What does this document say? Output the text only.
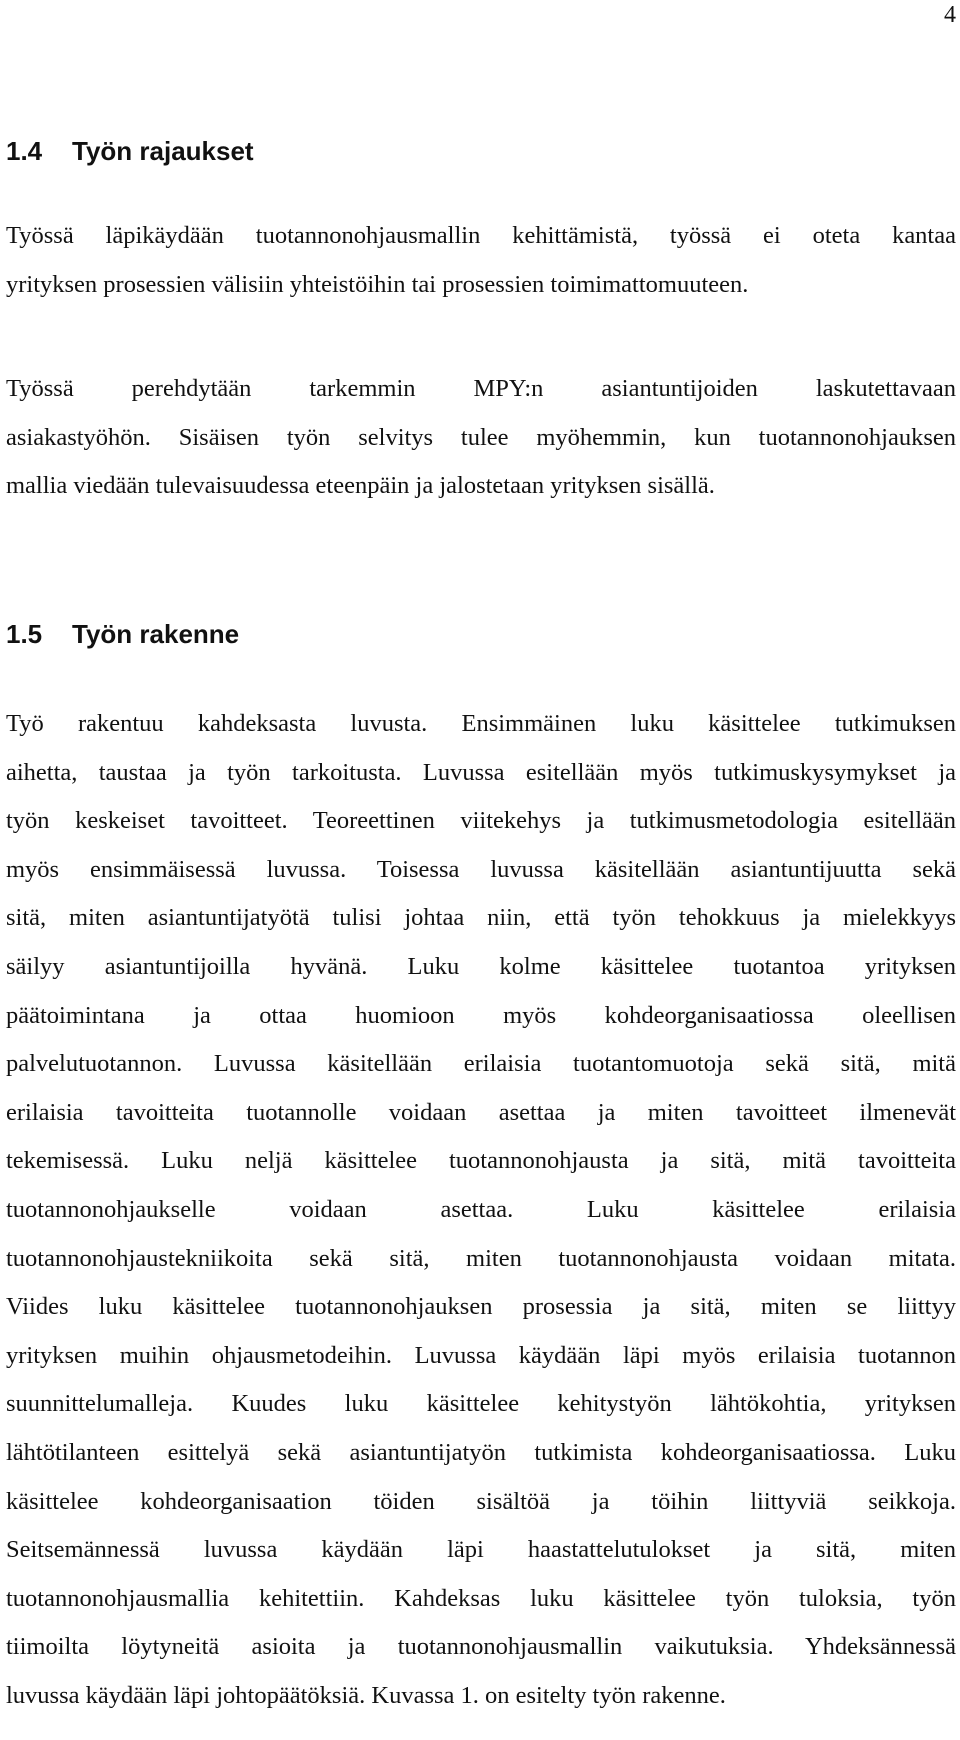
4
1.4 Työn rajaukset
Työssä läpikäydään tuotannonohjausmallin kehittämistä, työssä ei oteta kantaa
yrityksen prosessien välisiin yhteistöihin tai prosessien toimimattomuuteen.
Työssä perehdytään tarkemmin MPY:n asiantuntijoiden laskutettavaan
asiakastyöhön. Sisäisen työn selvitys tulee myöhemmin, kun tuotannonohjauksen
mallia viedään tulevaisuudessa eteenpäin ja jalostetaan yrityksen sisällä.
1.5 Työn rakenne
Työ rakentuu kahdeksasta luvusta. Ensimmäinen luku käsittelee tutkimuksen
aihetta, taustaa ja työn tarkoitusta. Luvussa esitellään myös tutkimuskysymykset ja
työn keskeiset tavoitteet. Teoreettinen viitekehys ja tutkimusmetodologia esitellään
myös ensimmäisessä luvussa. Toisessa luvussa käsitellään asiantuntijuutta sekä
sitä, miten asiantuntijatyötä tulisi johtaa niin, että työn tehokkuus ja mielekkyys
säilyy asiantuntijoilla hyvänä. Luku kolme käsittelee tuotantoa yrityksen
päätoimintana ja ottaa huomioon myös kohdeorganisaatiossa oleellisen
palvelutuotannon. Luvussa käsitellään erilaisia tuotantomuotoja sekä sitä, mitä
erilaisia tavoitteita tuotannolle voidaan asettaa ja miten tavoitteet ilmenevät
tekemisessä. Luku neljä käsittelee tuotannonohjausta ja sitä, mitä tavoitteita
tuotannonohjaukselle voidaan asettaa. Luku käsittelee erilaisia
tuotannonohjaustekniikoita sekä sitä, miten tuotannonohjausta voidaan mitata.
Viides luku käsittelee tuotannonohjauksen prosessia ja sitä, miten se liittyy
yrityksen muihin ohjausmetodeihin. Luvussa käydään läpi myös erilaisia tuotannon
suunnittelumalleja. Kuudes luku käsittelee kehitystyön lähtökohtia, yrityksen
lähtötilanteen esittelyä sekä asiantuntijatyön tutkimista kohdeorganisaatiossa. Luku
käsittelee kohdeorganisaation töiden sisältöä ja töihin liittyviä seikkoja.
Seitsemännessä luvussa käydään läpi haastattelutulokset ja sitä, miten
tuotannonohjausmallia kehitettiin. Kahdeksas luku käsittelee työn tuloksia, työn
tiimoilta löytyneitä asioita ja tuotannonohjausmallin vaikutuksia. Yhdeksännessä
luvussa käydään läpi johtopäätöksiä. Kuvassa 1. on esitelty työn rakenne.
